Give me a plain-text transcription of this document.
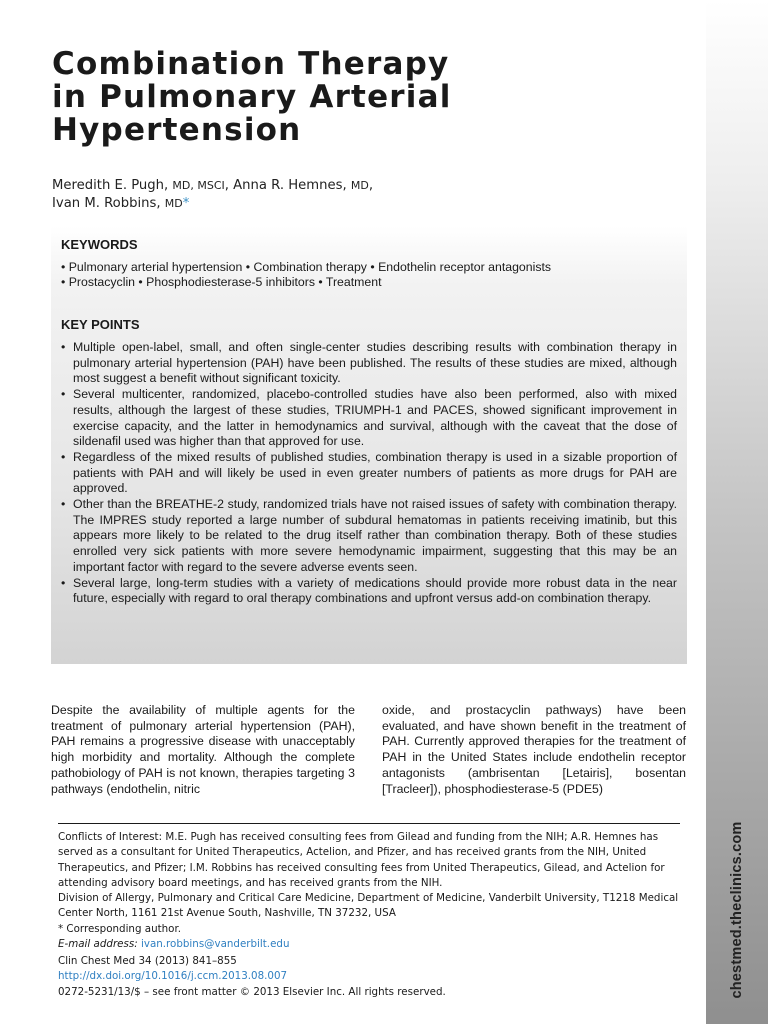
chestmed.theclinics.com
Combination Therapy
in Pulmonary Arterial
Hypertension
Meredith E. Pugh, MD, MSCI, Anna R. Hemnes, MD,
Ivan M. Robbins, MD*
KEYWORDS
• Pulmonary arterial hypertension • Combination therapy • Endothelin receptor antagonists
• Prostacyclin • Phosphodiesterase-5 inhibitors • Treatment
KEY POINTS
• Multiple open-label, small, and often single-center studies describing results with combination therapy in pulmonary arterial hypertension (PAH) have been published. The results of these studies are mixed, although most suggest a benefit without significant toxicity.
• Several multicenter, randomized, placebo-controlled studies have also been performed, also with mixed results, although the largest of these studies, TRIUMPH-1 and PACES, showed significant improvement in exercise capacity, and the latter in hemodynamics and survival, although with the caveat that the dose of sildenafil used was higher than that approved for use.
• Regardless of the mixed results of published studies, combination therapy is used in a sizable proportion of patients with PAH and will likely be used in even greater numbers of patients as more drugs for PAH are approved.
• Other than the BREATHE-2 study, randomized trials have not raised issues of safety with combination therapy. The IMPRES study reported a large number of subdural hematomas in patients receiving imatinib, but this appears more likely to be related to the drug itself rather than combination therapy. Both of these studies enrolled very sick patients with more severe hemodynamic impairment, suggesting that this may be an important factor with regard to the severe adverse events seen.
• Several large, long-term studies with a variety of medications should provide more robust data in the near future, especially with regard to oral therapy combinations and upfront versus add-on combination therapy.
Despite the availability of multiple agents for the treatment of pulmonary arterial hypertension (PAH), PAH remains a progressive disease with unacceptably high morbidity and mortality. Although the complete pathobiology of PAH is not known, therapies targeting 3 pathways (endothelin, nitric
oxide, and prostacyclin pathways) have been evaluated, and have shown benefit in the treatment of PAH. Currently approved therapies for the treatment of PAH in the United States include endothelin receptor antagonists (ambrisentan [Letairis], bosentan [Tracleer]), phosphodiesterase-5 (PDE5)

Conflicts of Interest: M.E. Pugh has received consulting fees from Gilead and funding from the NIH; A.R. Hemnes has served as a consultant for United Therapeutics, Actelion, and Pfizer, and has received grants from the NIH, United Therapeutics, and Pfizer; I.M. Robbins has received consulting fees from United Therapeutics, Gilead, and Actelion for attending advisory board meetings, and has received grants from the NIH.

Division of Allergy, Pulmonary and Critical Care Medicine, Department of Medicine, Vanderbilt University, T1218 Medical Center North, 1161 21st Avenue South, Nashville, TN 37232, USA

* Corresponding author.

E-mail address: ivan.robbins@vanderbilt.edu

Clin Chest Med 34 (2013) 841–855

http://dx.doi.org/10.1016/j.ccm.2013.08.007

0272-5231/13/$ – see front matter © 2013 Elsevier Inc. All rights reserved.
